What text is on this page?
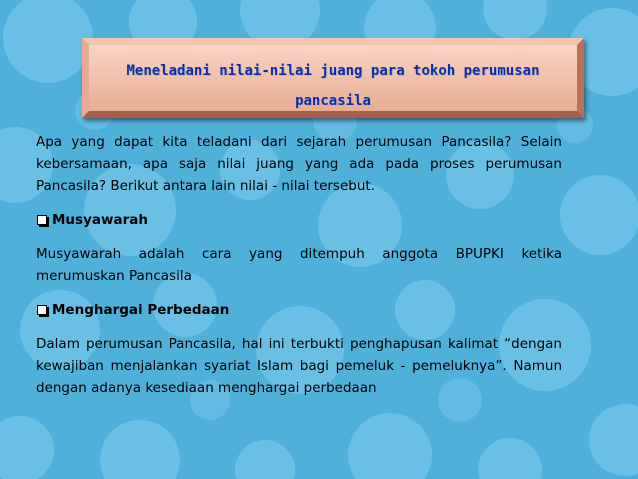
Meneladani nilai-nilai juang para tokoh perumusan
pancasila

Apa yang dapat kita teladani dari sejarah perumusan Pancasila? Selain kebersamaan, apa saja nilai juang yang ada pada proses perumusan Pancasila? Berikut antara lain nilai - nilai tersebut.

Musyawarah

Musyawarah adalah cara yang ditempuh anggota BPUPKI ketika merumuskan Pancasila

Menghargai Perbedaan

Dalam perumusan Pancasila, hal ini terbukti penghapusan kalimat “dengan kewajiban menjalankan syariat Islam bagi pemeluk - pemeluknya”. Namun dengan adanya kesediaan menghargai perbedaan
